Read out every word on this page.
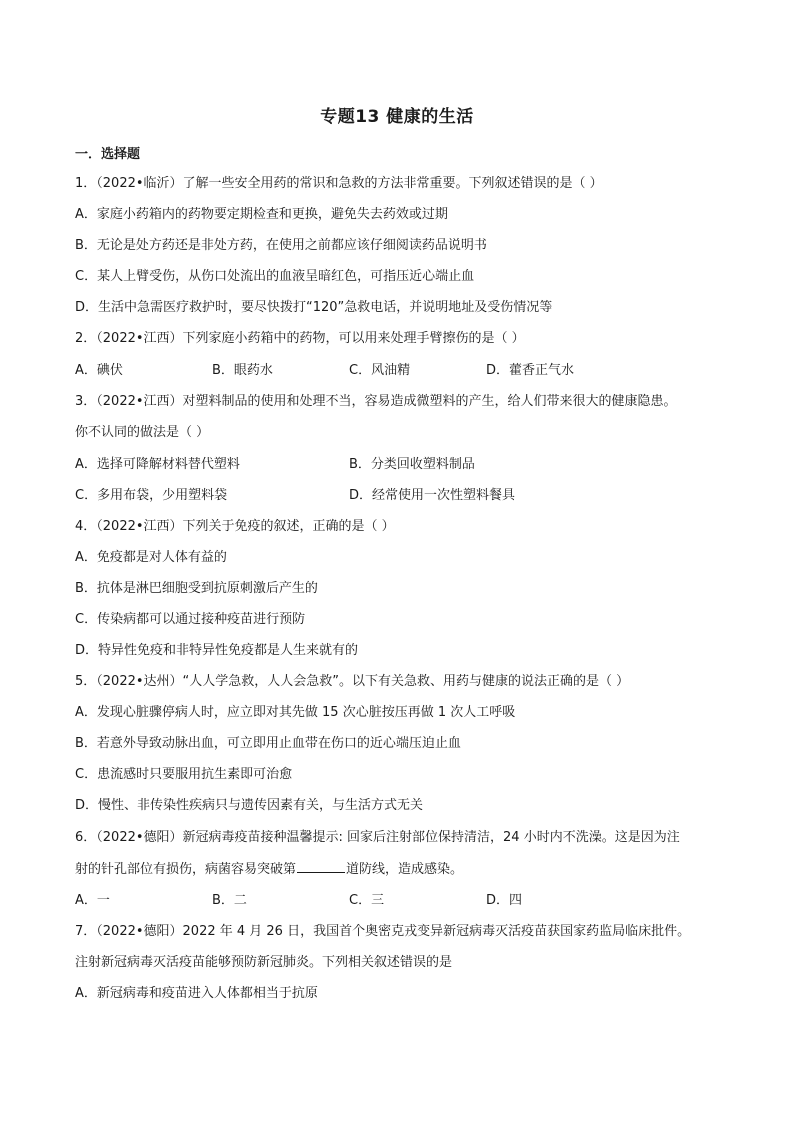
专题13 健康的生活
一．选择题
1．（2022•临沂）了解一些安全用药的常识和急救的方法非常重要。下列叙述错误的是（ ）
A．家庭小药箱内的药物要定期检查和更换，避免失去药效或过期
B．无论是处方药还是非处方药，在使用之前都应该仔细阅读药品说明书
C．某人上臂受伤，从伤口处流出的血液呈暗红色，可指压近心端止血
D．生活中急需医疗救护时，要尽快拨打“120”急救电话，并说明地址及受伤情况等
2．（2022•江西）下列家庭小药箱中的药物，可以用来处理手臂擦伤的是（ ）
A．碘伏	B．眼药水	C．风油精	D．藿香正气水
3．（2022•江西）对塑料制品的使用和处理不当，容易造成微塑料的产生，给人们带来很大的健康隐患。
你不认同的做法是（ ）
A．选择可降解材料替代塑料	B．分类回收塑料制品
C．多用布袋，少用塑料袋	D．经常使用一次性塑料餐具
4．（2022•江西）下列关于免疫的叙述，正确的是（ ）
A．免疫都是对人体有益的
B．抗体是淋巴细胞受到抗原刺激后产生的
C．传染病都可以通过接种疫苗进行预防
D．特异性免疫和非特异性免疫都是人生来就有的
5．（2022•达州）“人人学急救，人人会急救”。以下有关急救、用药与健康的说法正确的是（ ）
A．发现心脏骤停病人时，应立即对其先做 15 次心脏按压再做 1 次人工呼吸
B．若意外导致动脉出血，可立即用止血带在伤口的近心端压迫止血
C．患流感时只要服用抗生素即可治愈
D．慢性、非传染性疾病只与遗传因素有关，与生活方式无关
6．（2022•德阳）新冠病毒疫苗接种温馨提示: 回家后注射部位保持清洁，24 小时内不洗澡。这是因为注
射的针孔部位有损伤，病菌容易突破第	道防线，造成感染。
A．一	B．二	C．三	D．四
7．（2022•德阳）2022 年 4 月 26 日，我国首个奥密克戎变异新冠病毒灭活疫苗获国家药监局临床批件。
注射新冠病毒灭活疫苗能够预防新冠肺炎。下列相关叙述错误的是
A．新冠病毒和疫苗进入人体都相当于抗原
